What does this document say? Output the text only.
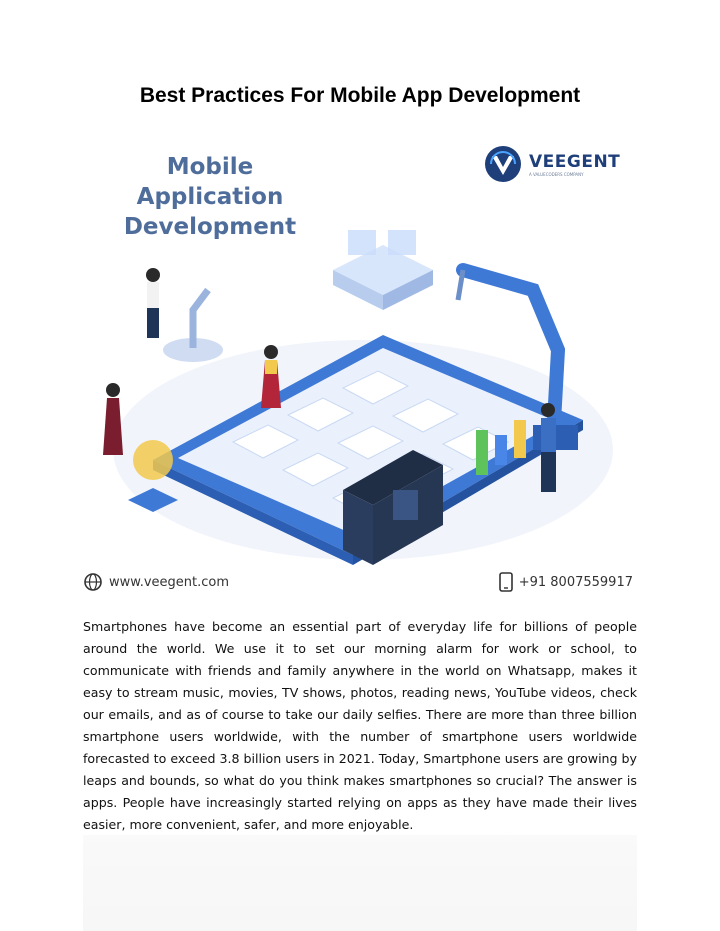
Best Practices For Mobile App Development
Mobile
Application
Development
VEEGENT
A VALUECODERS COMPANY
www.veegent.com	+91 8007559917

Smartphones have become an essential part of everyday life for billions of people around the world. We use it to set our morning alarm for work or school, to communicate with friends and family anywhere in the world on Whatsapp, makes it easy to stream music, movies, TV shows, photos, reading news, YouTube videos, check our emails, and as of course to take our daily selfies. There are more than three billion smartphone users worldwide, with the number of smartphone users worldwide forecasted to exceed 3.8 billion users in 2021. Today, Smartphone users are growing by leaps and bounds, so what do you think makes smartphones so crucial? The answer is apps. People have increasingly started relying on apps as they have made their lives easier, more convenient, safer, and more enjoyable.
